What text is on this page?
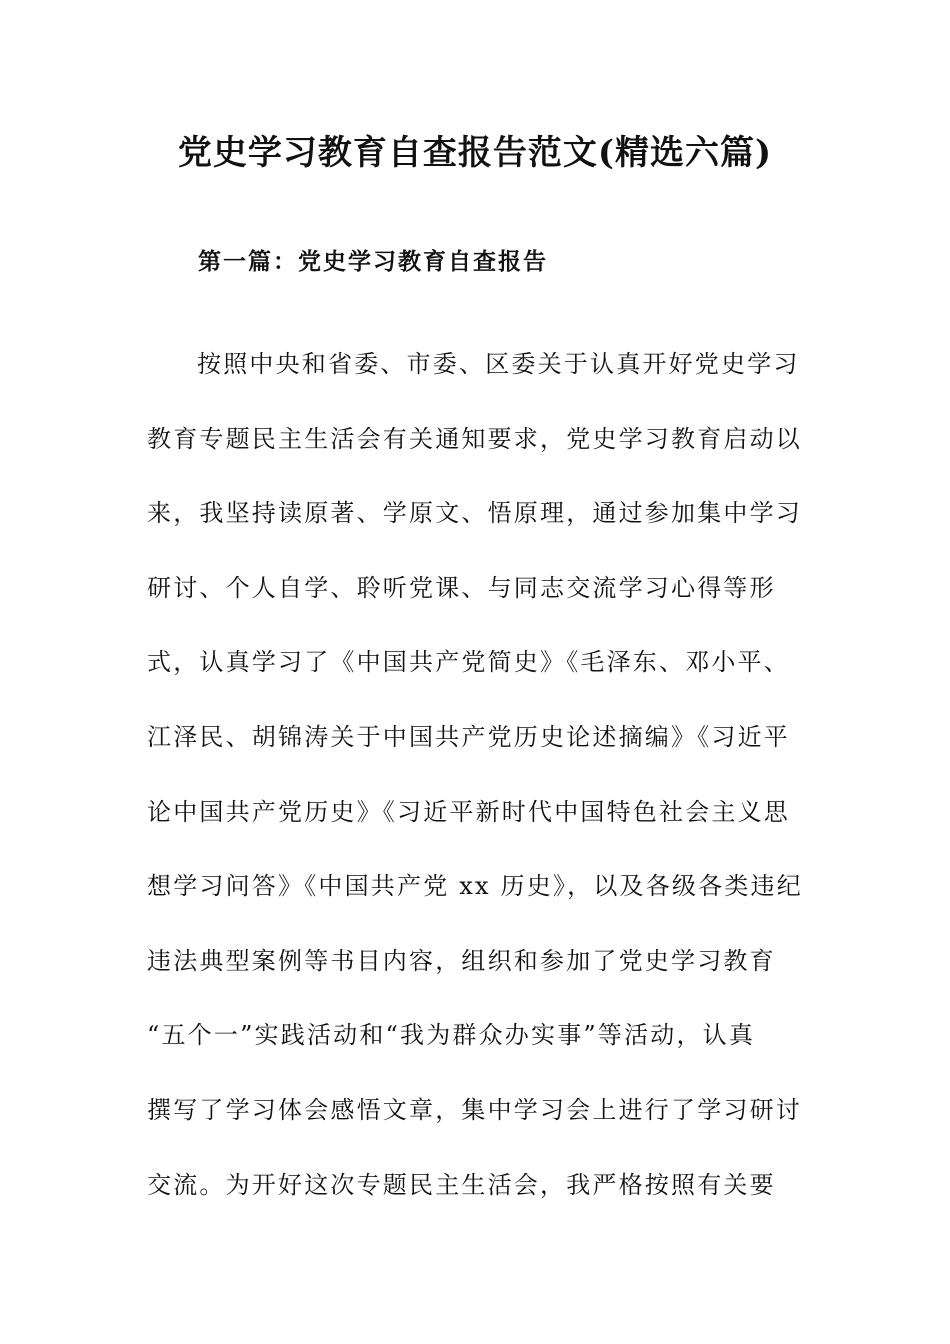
党史学习教育自查报告范文(精选六篇)
第一篇：党史学习教育自查报告
按照中央和省委、市委、区委关于认真开好党史学习
教育专题民主生活会有关通知要求，党史学习教育启动以
来，我坚持读原著、学原文、悟原理，通过参加集中学习
研讨、个人自学、聆听党课、与同志交流学习心得等形
式，认真学习了《中国共产党简史》《毛泽东、邓小平、
江泽民、胡锦涛关于中国共产党历史论述摘编》《习近平
论中国共产党历史》《习近平新时代中国特色社会主义思
想学习问答》《中国共产党 xx 历史》，以及各级各类违纪
违法典型案例等书目内容，组织和参加了党史学习教育
“五个一”实践活动和“我为群众办实事”等活动，认真
撰写了学习体会感悟文章，集中学习会上进行了学习研讨
交流。为开好这次专题民主生活会，我严格按照有关要
